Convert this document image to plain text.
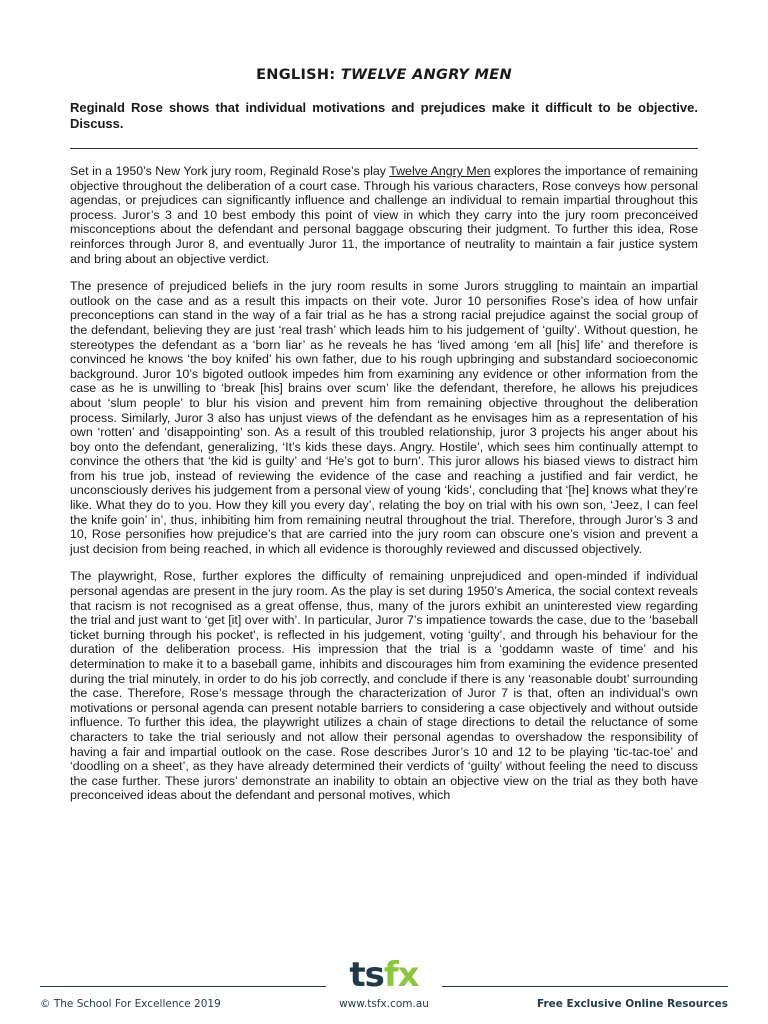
ENGLISH: TWELVE ANGRY MEN
Reginald Rose shows that individual motivations and prejudices make it difficult to be objective. Discuss.

Set in a 1950’s New York jury room, Reginald Rose’s play Twelve Angry Men explores the importance of remaining objective throughout the deliberation of a court case. Through his various characters, Rose conveys how personal agendas, or prejudices can significantly influence and challenge an individual to remain impartial throughout this process. Juror’s 3 and 10 best embody this point of view in which they carry into the jury room preconceived misconceptions about the defendant and personal baggage obscuring their judgment. To further this idea, Rose reinforces through Juror 8, and eventually Juror 11, the importance of neutrality to maintain a fair justice system and bring about an objective verdict.

The presence of prejudiced beliefs in the jury room results in some Jurors struggling to maintain an impartial outlook on the case and as a result this impacts on their vote. Juror 10 personifies Rose’s idea of how unfair preconceptions can stand in the way of a fair trial as he has a strong racial prejudice against the social group of the defendant, believing they are just ‘real trash’ which leads him to his judgement of ‘guilty’. Without question, he stereotypes the defendant as a ‘born liar’ as he reveals he has ‘lived among ‘em all [his] life’ and therefore is convinced he knows ‘the boy knifed’ his own father, due to his rough upbringing and substandard socioeconomic background. Juror 10’s bigoted outlook impedes him from examining any evidence or other information from the case as he is unwilling to ‘break [his] brains over scum’ like the defendant, therefore, he allows his prejudices about ‘slum people’ to blur his vision and prevent him from remaining objective throughout the deliberation process. Similarly, Juror 3 also has unjust views of the defendant as he envisages him as a representation of his own ‘rotten’ and ‘disappointing’ son. As a result of this troubled relationship, juror 3 projects his anger about his boy onto the defendant, generalizing, ‘It’s kids these days. Angry. Hostile’, which sees him continually attempt to convince the others that ‘the kid is guilty’ and ‘He’s got to burn’. This juror allows his biased views to distract him from his true job, instead of reviewing the evidence of the case and reaching a justified and fair verdict, he unconsciously derives his judgement from a personal view of young ‘kids’, concluding that ‘[he] knows what they’re like. What they do to you. How they kill you every day’, relating the boy on trial with his own son, ‘Jeez, I can feel the knife goin’ in’, thus, inhibiting him from remaining neutral throughout the trial. Therefore, through Juror’s 3 and 10, Rose personifies how prejudice’s that are carried into the jury room can obscure one’s vision and prevent a just decision from being reached, in which all evidence is thoroughly reviewed and discussed objectively.

The playwright, Rose, further explores the difficulty of remaining unprejudiced and open-minded if individual personal agendas are present in the jury room. As the play is set during 1950’s America, the social context reveals that racism is not recognised as a great offense, thus, many of the jurors exhibit an uninterested view regarding the trial and just want to ‘get [it] over with’. In particular, Juror 7’s impatience towards the case, due to the ‘baseball ticket burning through his pocket’, is reflected in his judgement, voting ‘guilty’, and through his behaviour for the duration of the deliberation process. His impression that the trial is a ‘goddamn waste of time’ and his determination to make it to a baseball game, inhibits and discourages him from examining the evidence presented during the trial minutely, in order to do his job correctly, and conclude if there is any ‘reasonable doubt’ surrounding the case. Therefore, Rose’s message through the characterization of Juror 7 is that, often an individual’s own motivations or personal agenda can present notable barriers to considering a case objectively and without outside influence. To further this idea, the playwright utilizes a chain of stage directions to detail the reluctance of some characters to take the trial seriously and not allow their personal agendas to overshadow the responsibility of having a fair and impartial outlook on the case. Rose describes Juror’s 10 and 12 to be playing ‘tic-tac-toe’ and ‘doodling on a sheet’, as they have already determined their verdicts of ‘guilty’ without feeling the need to discuss the case further. These jurors’ demonstrate an inability to obtain an objective view on the trial as they both have preconceived ideas about the defendant and personal motives, which

tsfx
© The School For Excellence 2019	www.tsfx.com.au	Free Exclusive Online Resources
